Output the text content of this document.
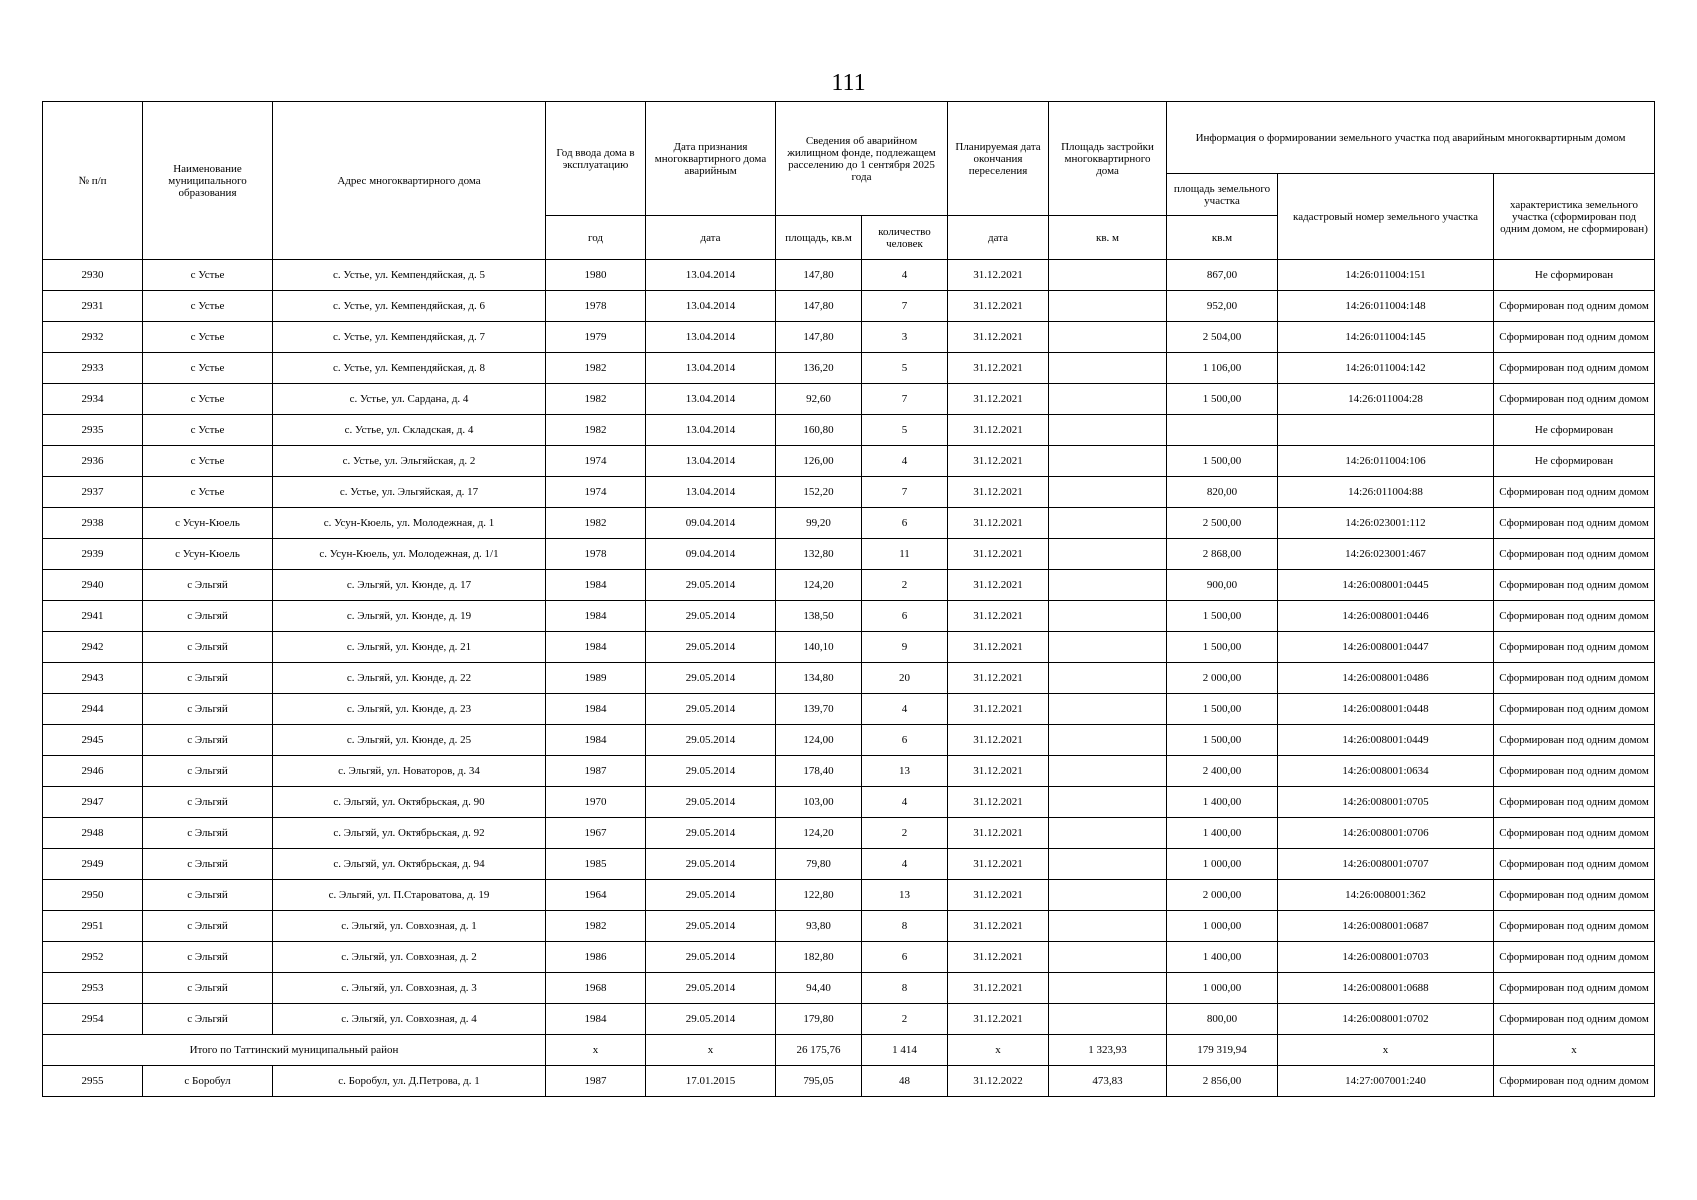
111
№ п/п	Наименование муниципального образования	Адрес многоквартирного дома	Год ввода дома в эксплуатацию	Дата признания многоквартирного дома аварийным	Сведения об аварийном жилищном фонде, подлежащем расселению до 1 сентября 2025 года		Планируемая дата окончания переселения	Площадь застройки многоквартирного дома	Информация о формировании земельного участка под аварийным многоквартирным домом		
									площадь земельного участка	кадастровый номер земельного участка	характеристика земельного участка (сформирован под одним домом, не сформирован)
			год	дата	площадь, кв.м	количество человек	дата	кв. м	кв.м		
2930	с Устье	с. Устье, ул. Кемпендяйская, д. 5	1980	13.04.2014	147,80	4	31.12.2021		867,00	14:26:011004:151	Не сформирован
2931	с Устье	с. Устье, ул. Кемпендяйская, д. 6	1978	13.04.2014	147,80	7	31.12.2021		952,00	14:26:011004:148	Сформирован под одним домом
2932	с Устье	с. Устье, ул. Кемпендяйская, д. 7	1979	13.04.2014	147,80	3	31.12.2021		2 504,00	14:26:011004:145	Сформирован под одним домом
2933	с Устье	с. Устье, ул. Кемпендяйская, д. 8	1982	13.04.2014	136,20	5	31.12.2021		1 106,00	14:26:011004:142	Сформирован под одним домом
2934	с Устье	с. Устье, ул. Сардана, д. 4	1982	13.04.2014	92,60	7	31.12.2021		1 500,00	14:26:011004:28	Сформирован под одним домом
2935	с Устье	с. Устье, ул. Складская, д. 4	1982	13.04.2014	160,80	5	31.12.2021				Не сформирован
2936	с Устье	с. Устье, ул. Эльгяйская, д. 2	1974	13.04.2014	126,00	4	31.12.2021		1 500,00	14:26:011004:106	Не сформирован
2937	с Устье	с. Устье, ул. Эльгяйская, д. 17	1974	13.04.2014	152,20	7	31.12.2021		820,00	14:26:011004:88	Сформирован под одним домом
2938	с Усун-Кюель	с. Усун-Кюель, ул. Молодежная, д. 1	1982	09.04.2014	99,20	6	31.12.2021		2 500,00	14:26:023001:112	Сформирован под одним домом
2939	с Усун-Кюель	с. Усун-Кюель, ул. Молодежная, д. 1/1	1978	09.04.2014	132,80	11	31.12.2021		2 868,00	14:26:023001:467	Сформирован под одним домом
2940	с Эльгяй	с. Эльгяй, ул. Кюнде, д. 17	1984	29.05.2014	124,20	2	31.12.2021		900,00	14:26:008001:0445	Сформирован под одним домом
2941	с Эльгяй	с. Эльгяй, ул. Кюнде, д. 19	1984	29.05.2014	138,50	6	31.12.2021		1 500,00	14:26:008001:0446	Сформирован под одним домом
2942	с Эльгяй	с. Эльгяй, ул. Кюнде, д. 21	1984	29.05.2014	140,10	9	31.12.2021		1 500,00	14:26:008001:0447	Сформирован под одним домом
2943	с Эльгяй	с. Эльгяй, ул. Кюнде, д. 22	1989	29.05.2014	134,80	20	31.12.2021		2 000,00	14:26:008001:0486	Сформирован под одним домом
2944	с Эльгяй	с. Эльгяй, ул. Кюнде, д. 23	1984	29.05.2014	139,70	4	31.12.2021		1 500,00	14:26:008001:0448	Сформирован под одним домом
2945	с Эльгяй	с. Эльгяй, ул. Кюнде, д. 25	1984	29.05.2014	124,00	6	31.12.2021		1 500,00	14:26:008001:0449	Сформирован под одним домом
2946	с Эльгяй	с. Эльгяй, ул. Новаторов, д. 34	1987	29.05.2014	178,40	13	31.12.2021		2 400,00	14:26:008001:0634	Сформирован под одним домом
2947	с Эльгяй	с. Эльгяй, ул. Октябрьская, д. 90	1970	29.05.2014	103,00	4	31.12.2021		1 400,00	14:26:008001:0705	Сформирован под одним домом
2948	с Эльгяй	с. Эльгяй, ул. Октябрьская, д. 92	1967	29.05.2014	124,20	2	31.12.2021		1 400,00	14:26:008001:0706	Сформирован под одним домом
2949	с Эльгяй	с. Эльгяй, ул. Октябрьская, д. 94	1985	29.05.2014	79,80	4	31.12.2021		1 000,00	14:26:008001:0707	Сформирован под одним домом
2950	с Эльгяй	с. Эльгяй, ул. П.Староватова, д. 19	1964	29.05.2014	122,80	13	31.12.2021		2 000,00	14:26:008001:362	Сформирован под одним домом
2951	с Эльгяй	с. Эльгяй, ул. Совхозная, д. 1	1982	29.05.2014	93,80	8	31.12.2021		1 000,00	14:26:008001:0687	Сформирован под одним домом
2952	с Эльгяй	с. Эльгяй, ул. Совхозная, д. 2	1986	29.05.2014	182,80	6	31.12.2021		1 400,00	14:26:008001:0703	Сформирован под одним домом
2953	с Эльгяй	с. Эльгяй, ул. Совхозная, д. 3	1968	29.05.2014	94,40	8	31.12.2021		1 000,00	14:26:008001:0688	Сформирован под одним домом
2954	с Эльгяй	с. Эльгяй, ул. Совхозная, д. 4	1984	29.05.2014	179,80	2	31.12.2021		800,00	14:26:008001:0702	Сформирован под одним домом
Итого по Таттинский муниципальный район			х	х	26 175,76	1 414	х	1 323,93	179 319,94	х	х
2955	с Боробул	с. Боробул, ул. Д.Петрова, д. 1	1987	17.01.2015	795,05	48	31.12.2022	473,83	2 856,00	14:27:007001:240	Сформирован под одним домом
